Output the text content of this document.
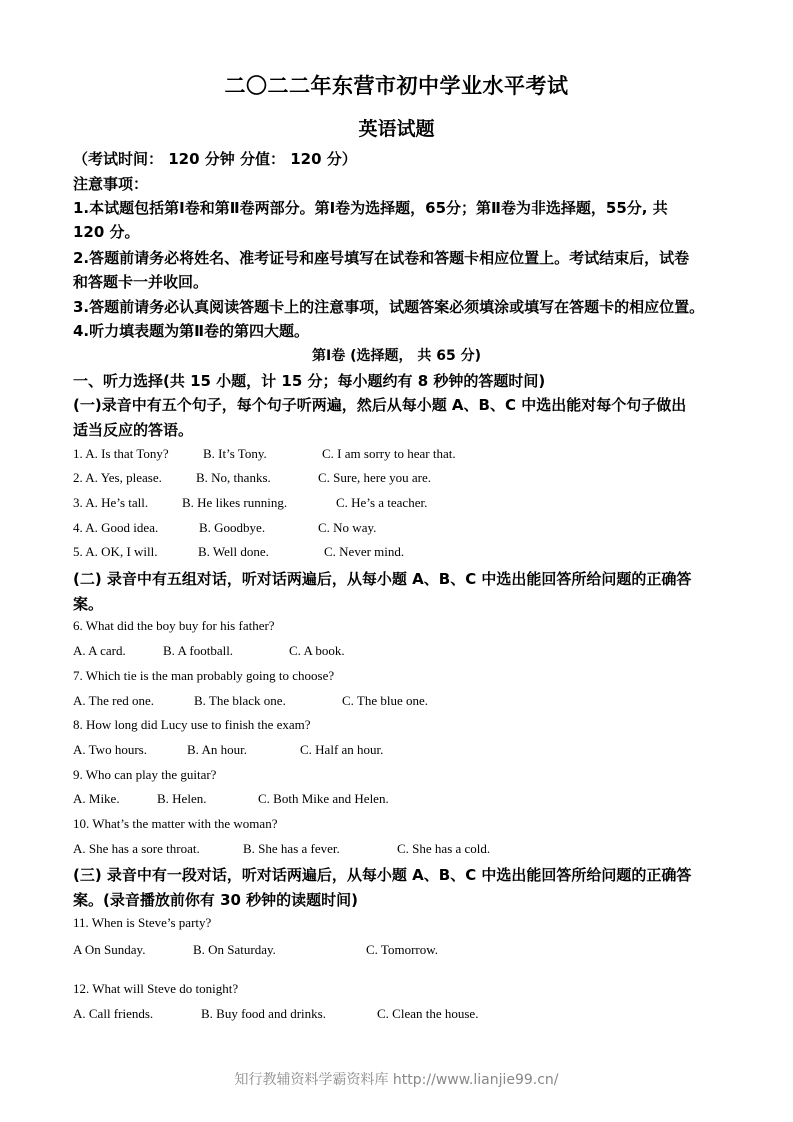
二〇二二年东营市初中学业水平考试
英语试题
（考试时间： 120 分钟 分值： 120 分）
注意事项：
1.本试题包括第Ⅰ卷和第Ⅱ卷两部分。第Ⅰ卷为选择题，65分；第Ⅱ卷为非选择题，55分, 共
120 分。
2.答题前请务必将姓名、准考证号和座号填写在试卷和答题卡相应位置上。考试结束后，试卷
和答题卡一并收回。
3.答题前请务必认真阅读答题卡上的注意事项，试题答案必须填涂或填写在答题卡的相应位置。
4.听力填表题为第Ⅱ卷的第四大题。
第Ⅰ卷 (选择题， 共 65 分)
一、听力选择(共 15 小题，计 15 分；每小题约有 8 秒钟的答题时间)
(一)录音中有五个句子，每个句子听两遍，然后从每小题 A、B、C 中选出能对每个句子做出
适当反应的答语。
1. A. Is that Tony?	B. It’s Tony.	C. I am sorry to hear that.
2. A. Yes, please.	B. No, thanks.	C. Sure, here you are.
3. A. He’s tall.	B. He likes running.	C. He’s a teacher.
4. A. Good idea.	B. Goodbye.	C. No way.
5. A. OK, I will.	B. Well done.	C. Never mind.
(二) 录音中有五组对话，听对话两遍后，从每小题 A、B、C 中选出能回答所给问题的正确答
案。
6. What did the boy buy for his father?
A. A card.	B. A football.	C. A book.
7. Which tie is the man probably going to choose?
A. The red one.	B. The black one.	C. The blue one.
8. How long did Lucy use to finish the exam?
A. Two hours.	B. An hour.	C. Half an hour.
9. Who can play the guitar?
A. Mike.	B. Helen.	C. Both Mike and Helen.
10. What’s the matter with the woman?
A. She has a sore throat.	B. She has a fever.	C. She has a cold.
(三) 录音中有一段对话，听对话两遍后，从每小题 A、B、C 中选出能回答所给问题的正确答
案。(录音播放前你有 30 秒钟的读题时间)
11. When is Steve’s party?
A On Sunday.	B. On Saturday.	C. Tomorrow.
12. What will Steve do tonight?
A. Call friends.	B. Buy food and drinks.	C. Clean the house.
知行教辅资料学霸资料库 http://www.lianjie99.cn/
